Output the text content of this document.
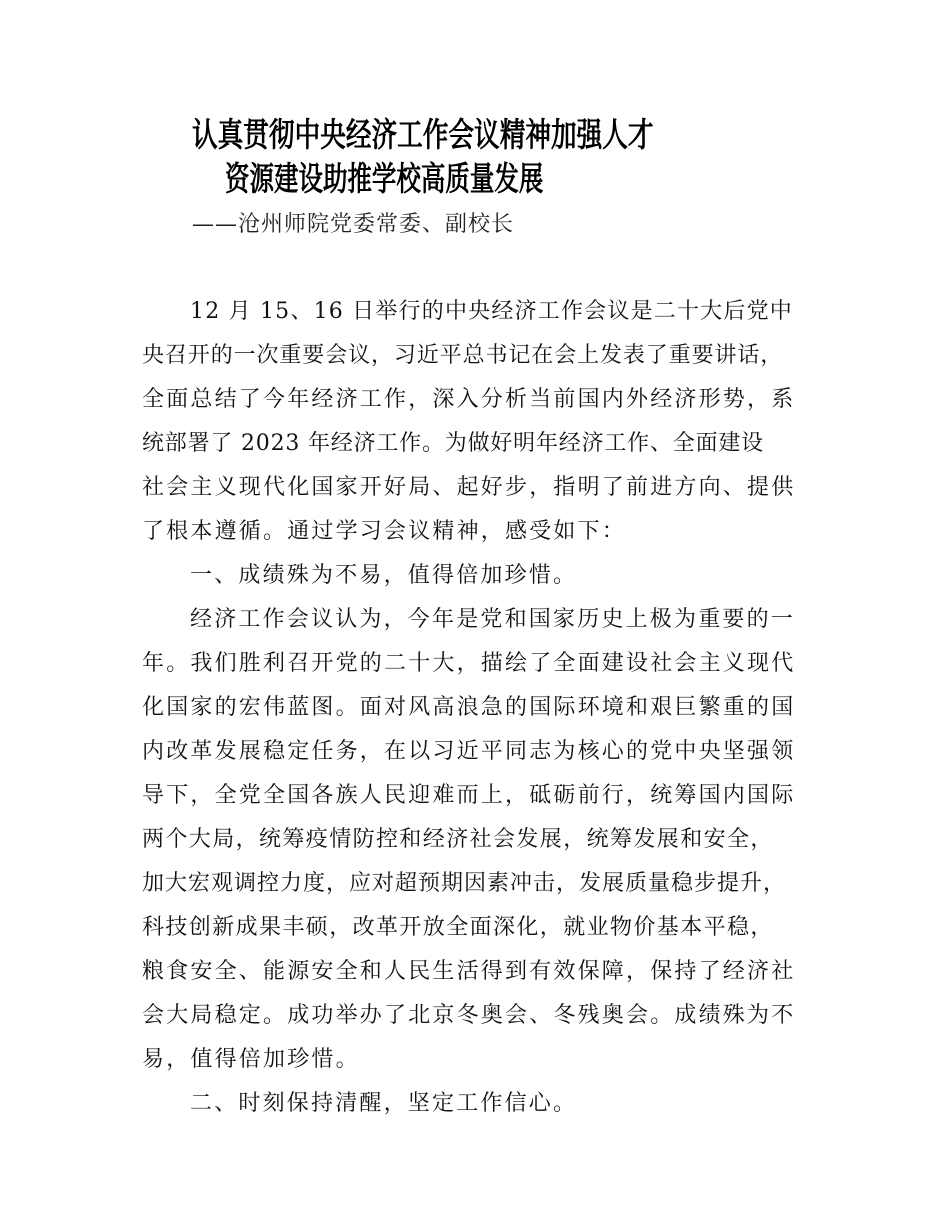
认真贯彻中央经济工作会议精神加强人才
资源建设助推学校高质量发展
——沧州师院党委常委、副校长
12 月 15、16 日举行的中央经济工作会议是二十大后党中
央召开的一次重要会议，习近平总书记在会上发表了重要讲话，
全面总结了今年经济工作，深入分析当前国内外经济形势，系
统部署了 2023 年经济工作。为做好明年经济工作、全面建设
社会主义现代化国家开好局、起好步，指明了前进方向、提供
了根本遵循。通过学习会议精神，感受如下：
一、成绩殊为不易，值得倍加珍惜。
经济工作会议认为，今年是党和国家历史上极为重要的一
年。我们胜利召开党的二十大，描绘了全面建设社会主义现代
化国家的宏伟蓝图。面对风高浪急的国际环境和艰巨繁重的国
内改革发展稳定任务，在以习近平同志为核心的党中央坚强领
导下，全党全国各族人民迎难而上，砥砺前行，统筹国内国际
两个大局，统筹疫情防控和经济社会发展，统筹发展和安全，
加大宏观调控力度，应对超预期因素冲击，发展质量稳步提升，
科技创新成果丰硕，改革开放全面深化，就业物价基本平稳，
粮食安全、能源安全和人民生活得到有效保障，保持了经济社
会大局稳定。成功举办了北京冬奥会、冬残奥会。成绩殊为不
易，值得倍加珍惜。
二、时刻保持清醒，坚定工作信心。
